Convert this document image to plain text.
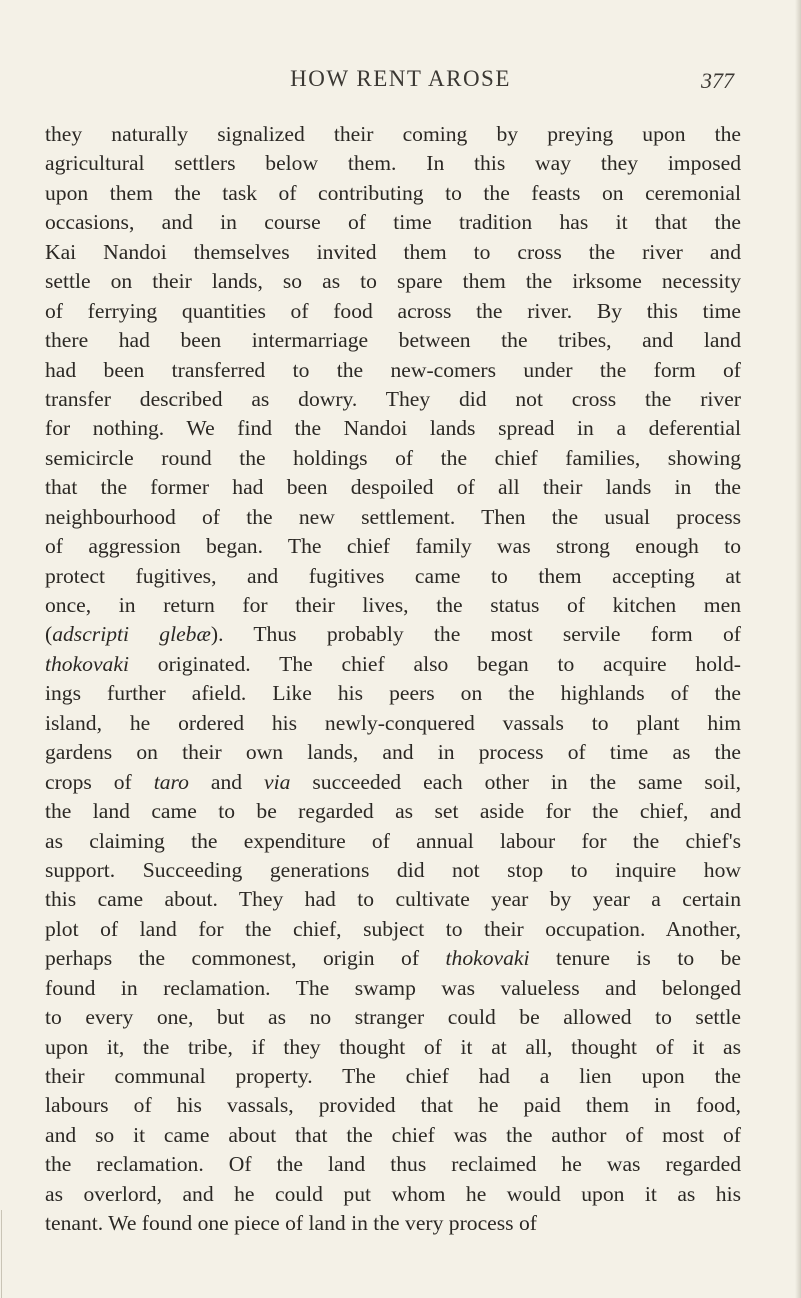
HOW RENT AROSE	377
they naturally signalized their coming by preying upon the
agricultural settlers below them. In this way they imposed
upon them the task of contributing to the feasts on ceremonial
occasions, and in course of time tradition has it that the
Kai Nandoi themselves invited them to cross the river and
settle on their lands, so as to spare them the irksome necessity
of ferrying quantities of food across the river. By this time
there had been intermarriage between the tribes, and land
had been transferred to the new-comers under the form of
transfer described as dowry. They did not cross the river
for nothing. We find the Nandoi lands spread in a deferential
semicircle round the holdings of the chief families, showing
that the former had been despoiled of all their lands in the
neighbourhood of the new settlement. Then the usual process
of aggression began. The chief family was strong enough to
protect fugitives, and fugitives came to them accepting at
once, in return for their lives, the status of kitchen men
(adscripti glebæ). Thus probably the most servile form of
thokovaki originated. The chief also began to acquire hold-
ings further afield. Like his peers on the highlands of the
island, he ordered his newly-conquered vassals to plant him
gardens on their own lands, and in process of time as the
crops of taro and via succeeded each other in the same soil,
the land came to be regarded as set aside for the chief, and
as claiming the expenditure of annual labour for the chief's
support. Succeeding generations did not stop to inquire how
this came about. They had to cultivate year by year a certain
plot of land for the chief, subject to their occupation. Another,
perhaps the commonest, origin of thokovaki tenure is to be
found in reclamation. The swamp was valueless and belonged
to every one, but as no stranger could be allowed to settle
upon it, the tribe, if they thought of it at all, thought of it as
their communal property. The chief had a lien upon the
labours of his vassals, provided that he paid them in food,
and so it came about that the chief was the author of most of
the reclamation. Of the land thus reclaimed he was regarded
as overlord, and he could put whom he would upon it as his
tenant. We found one piece of land in the very process of
